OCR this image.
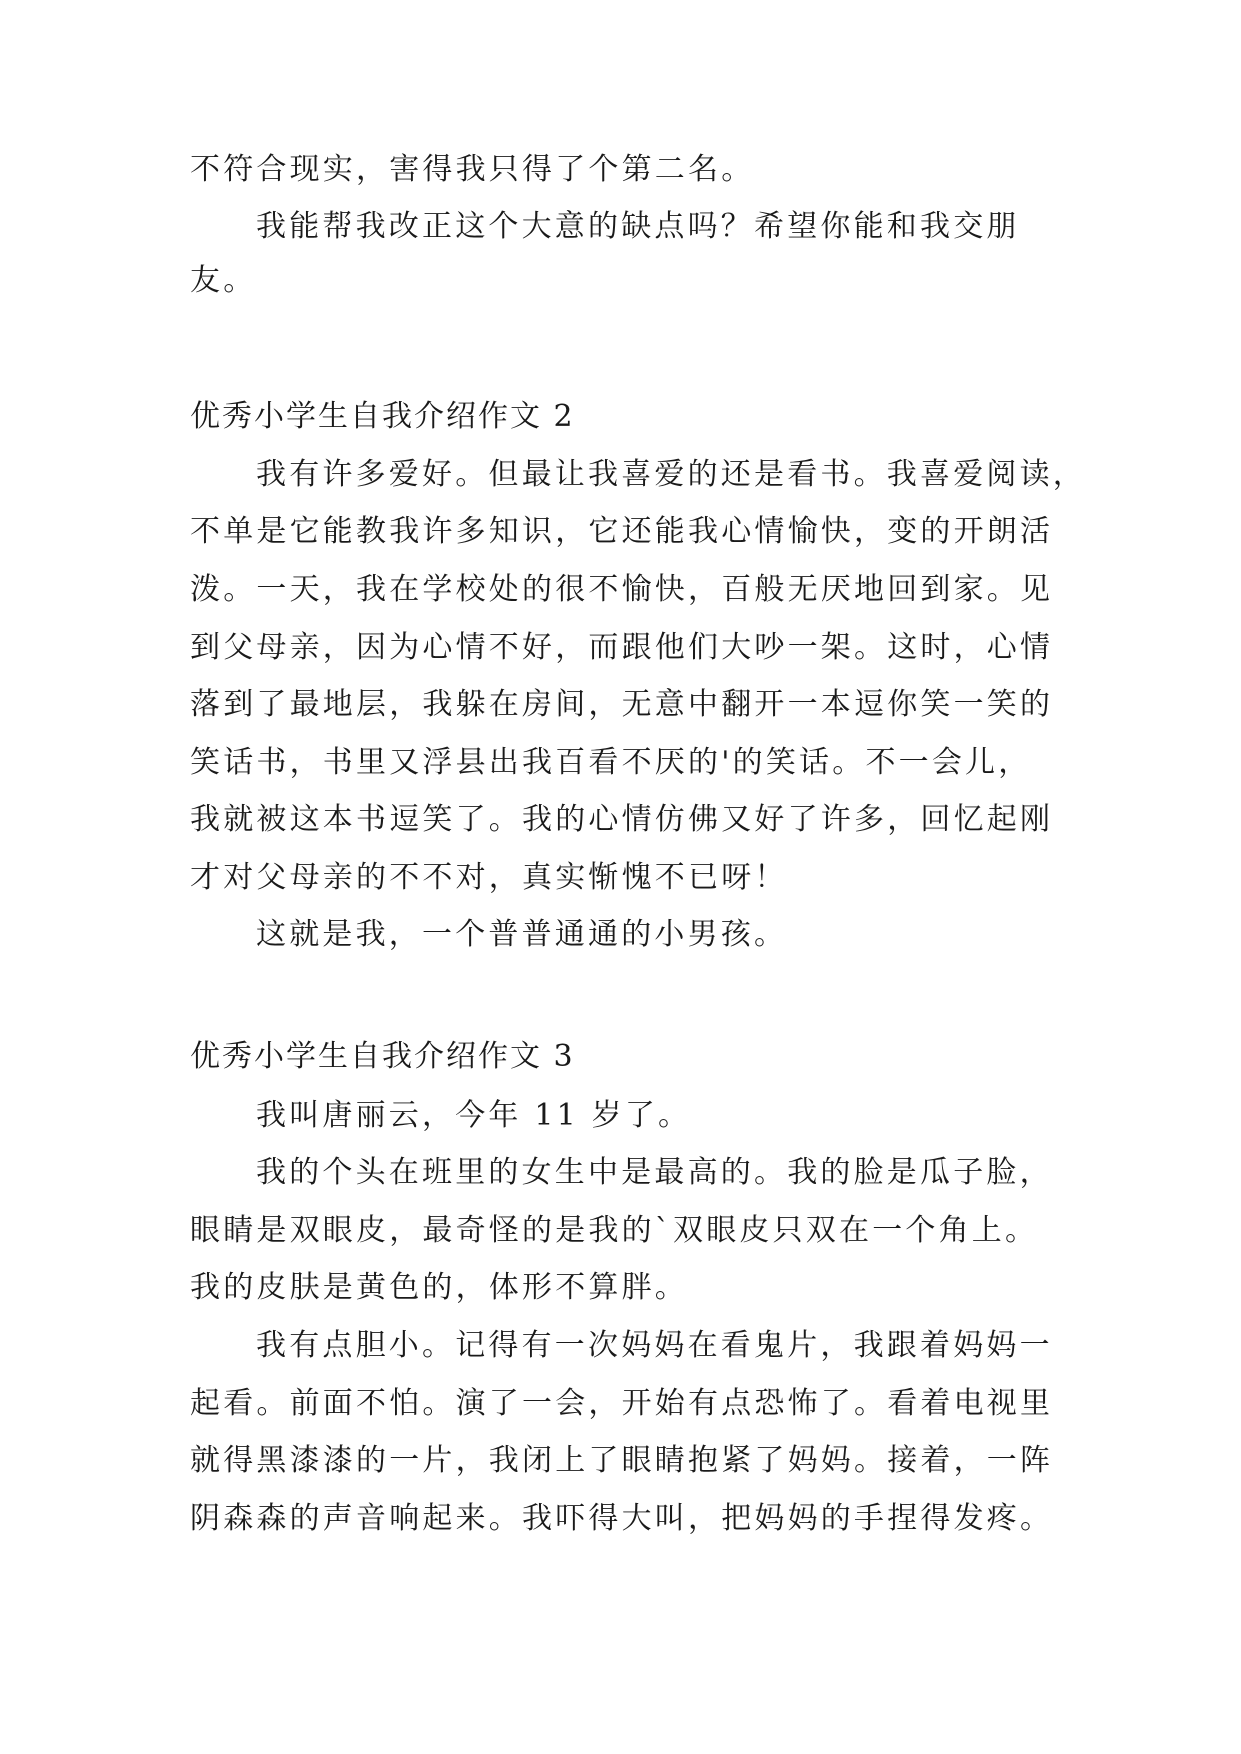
不符合现实，害得我只得了个第二名。
我能帮我改正这个大意的缺点吗？希望你能和我交朋
友。
优秀小学生自我介绍作文 2
我有许多爱好。但最让我喜爱的还是看书。我喜爱阅读，
不单是它能教我许多知识，它还能我心情愉快，变的开朗活
泼。一天，我在学校处的很不愉快，百般无厌地回到家。见
到父母亲，因为心情不好，而跟他们大吵一架。这时，心情
落到了最地层，我躲在房间，无意中翻开一本逗你笑一笑的
笑话书，书里又浮县出我百看不厌的'的笑话。不一会儿，
我就被这本书逗笑了。我的心情仿佛又好了许多，回忆起刚
才对父母亲的不不对，真实惭愧不已呀！
这就是我，一个普普通通的小男孩。
优秀小学生自我介绍作文 3
我叫唐丽云，今年 11 岁了。
我的个头在班里的女生中是最高的。我的脸是瓜子脸，
眼睛是双眼皮，最奇怪的是我的`双眼皮只双在一个角上。
我的皮肤是黄色的，体形不算胖。
我有点胆小。记得有一次妈妈在看鬼片，我跟着妈妈一
起看。前面不怕。演了一会，开始有点恐怖了。看着电视里
就得黑漆漆的一片，我闭上了眼睛抱紧了妈妈。接着，一阵
阴森森的声音响起来。我吓得大叫，把妈妈的手捏得发疼。
